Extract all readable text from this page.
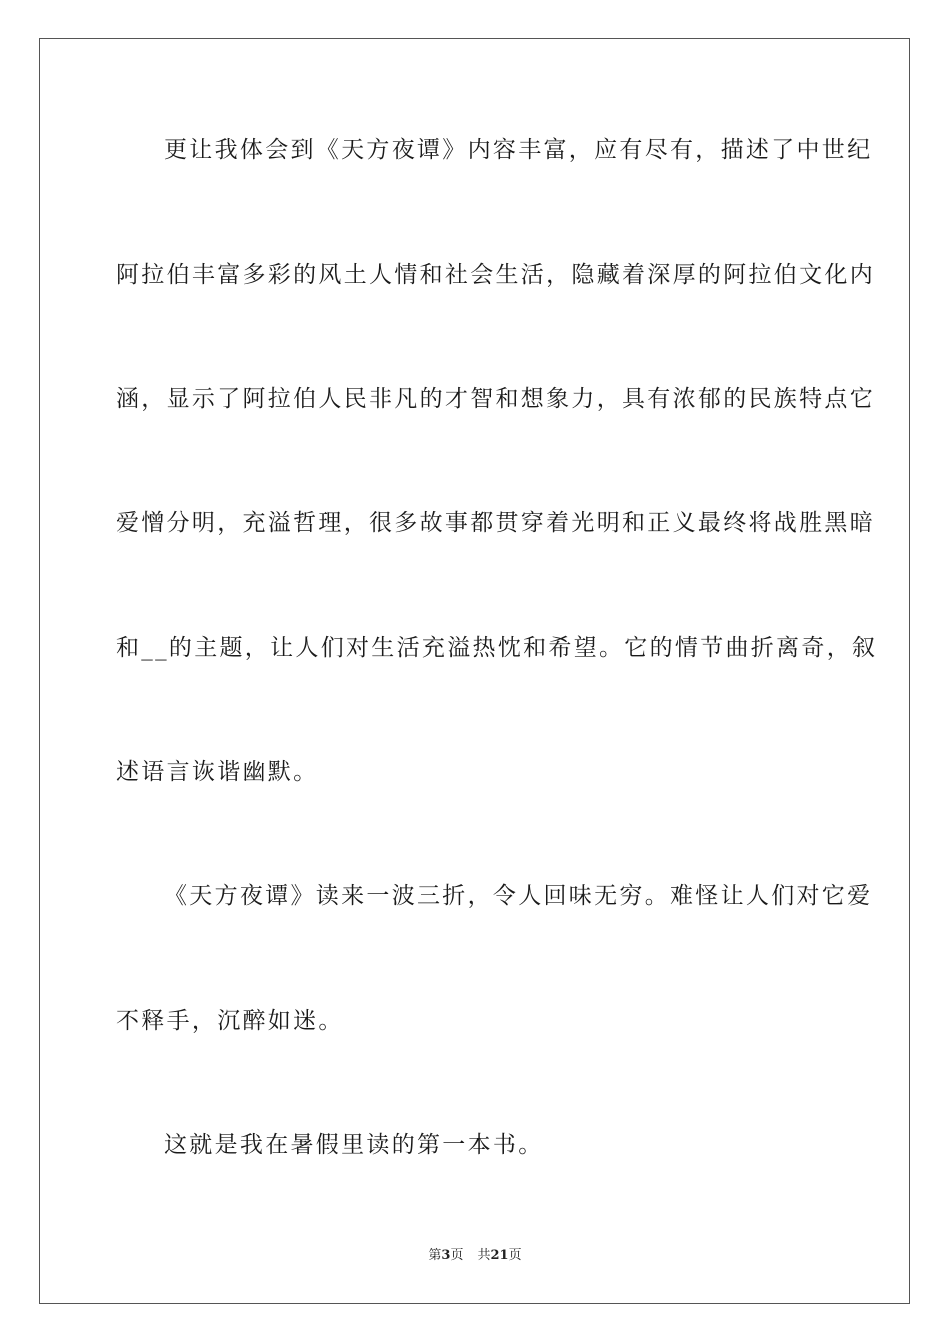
更让我体会到《天方夜谭》内容丰富，应有尽有，描述了中世纪
阿拉伯丰富多彩的风土人情和社会生活，隐藏着深厚的阿拉伯文化内
涵，显示了阿拉伯人民非凡的才智和想象力，具有浓郁的民族特点它
爱憎分明，充溢哲理，很多故事都贯穿着光明和正义最终将战胜黑暗
和__的主题，让人们对生活充溢热忱和希望。它的情节曲折离奇，叙
述语言诙谐幽默。
《天方夜谭》读来一波三折，令人回味无穷。难怪让人们对它爱
不释手，沉醉如迷。
这就是我在暑假里读的第一本书。
第3页 共21页
